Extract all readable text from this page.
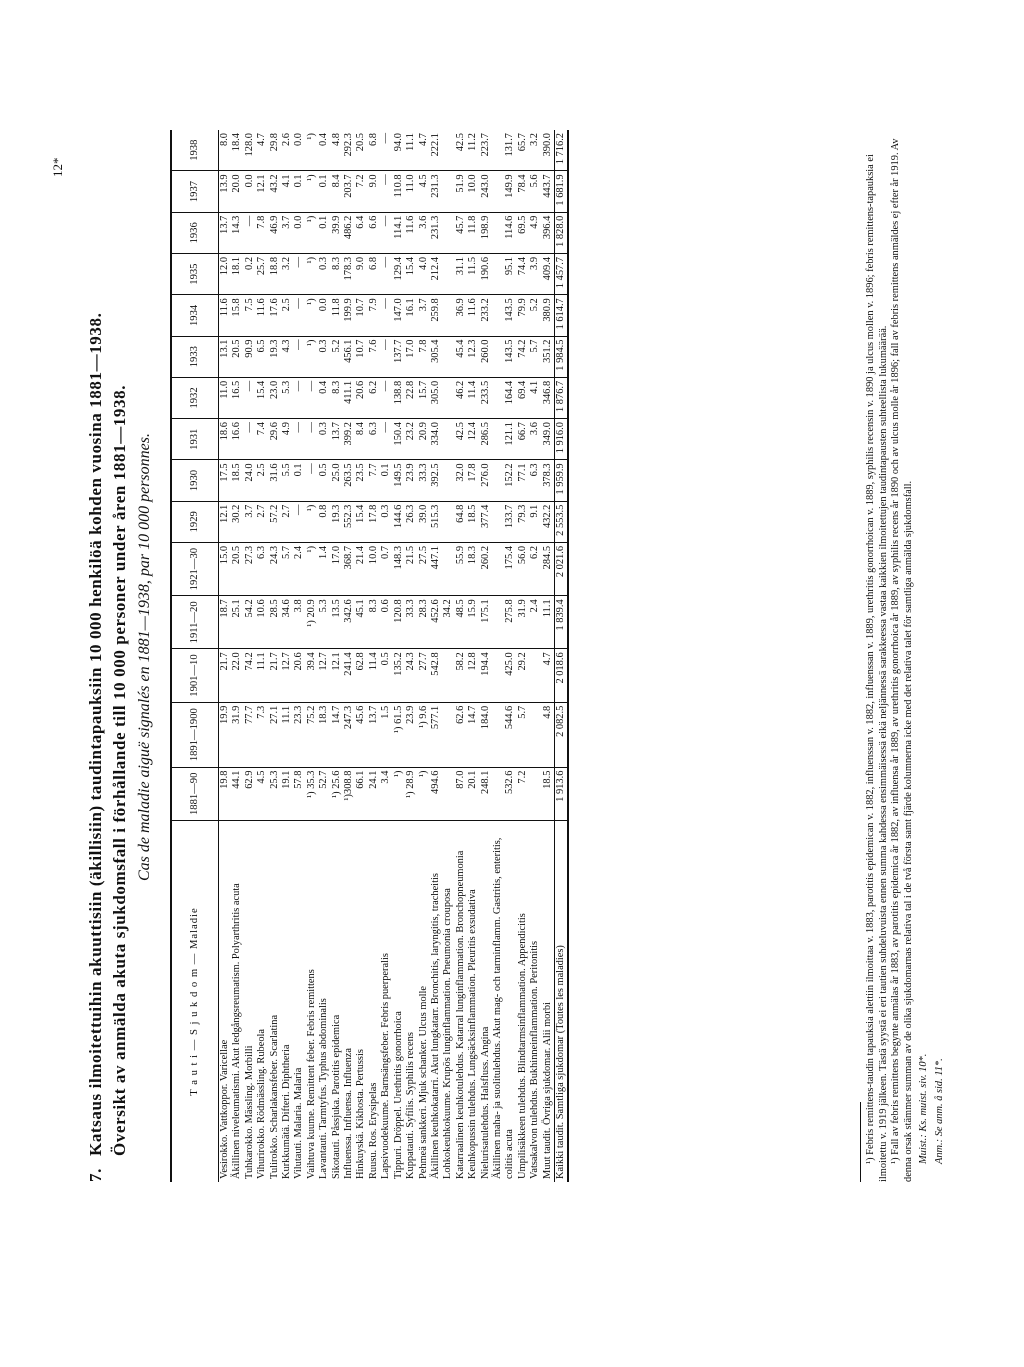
12*
7.Katsaus ilmoitettuihin akuuttisiin (äkillisiin) taudintapauksiin 10 000 henkilöä kohden vuosina 1881—1938. Översikt av anmälda akuta sjukdomsfall i förhållande till 10 000 personer under åren 1881—1938. Cas de maladie aiguë signalés en 1881—1938, par 10 000 personnes.
T a u t i — S j u k d o m — Maladie	1881—90	1891—1900	1901—10	1911—20	1921—30	1929	1930	1931	1932	1933	1934	1935	1936	1937	1938
Vesirokko. Vattkoppor. Varicellae	19.8	19.9	21.7	18.7	15.0	12.1	17.5	18.6	11.0	13.1	11.6	12.0	13.7	13.9	8.0
Äkillinen niveleumatismi. Akut ledgångsreumatism. Polyarthritis acuta	44.1	31.9	22.0	25.1	20.5	30.2	18.5	16.6	16.5	20.5	15.8	18.1	14.3	20.0	18.4
Tuhkarokko. Mässling. Morbilli	62.9	77.7	74.2	54.2	27.3	3.7	24.0	—	—	90.9	7.5	0.2	—	0.0	128.0
Vihurirokko. Rödmässling. Rubeola	4.5	7.3	11.1	10.6	6.3	2.7	2.5	7.4	15.4	6.5	11.6	25.7	7.8	12.1	4.7
Tulirokko. Scharlakansfeber. Scarlatina	25.3	27.1	21.7	28.5	24.3	57.2	31.6	29.6	23.0	19.3	17.6	18.8	46.9	43.2	29.8
Kurkkumätä. Difteri. Diphtheria	19.1	11.1	12.7	34.6	5.7	2.7	5.5	4.9	5.3	4.3	2.5	3.2	3.7	4.1	2.6
Vilutauti. Malaria. Malaria	57.8	23.3	20.6	3.8	2.4	—	0.1	—	—	—	—	—	0.0	0.1	0.0
Vaihtuva kuume. Remittent feber. Febris remittens	¹) 35.3	75.2	39.4	¹) 20.9	¹)	¹)	—	—	—	¹)	¹)	¹)	¹)	¹)	¹)
Lavantauti. Tarmtyfus. Typhus abdominalis	52.7	18.3	12.7	5.3	1.4	0.8	0.5	0.3	0.4	0.3	0.0	0.3	0.1	0.1	0.4
Sikotauti. Påssjuka. Parotitis epidemica	¹) 25.6	14.7	12.1	13.5	17.0	19.3	25.0	13.7	8.3	5.2	11.8	8.3	39.9	8.4	4.8
Influenssa. Influensa. Influenza	¹)308.8	247.3	241.4	342.6	368.7	552.3	263.5	399.2	411.1	456.1	199.9	178.3	486.2	203.7	292.3
Hinkuyskä. Kikhosta. Pertussis	66.1	45.6	62.8	45.1	21.4	15.4	23.5	8.4	20.6	10.7	10.7	9.0	6.4	7.2	20.5
Ruusu. Ros. Erysipelas	24.1	13.7	11.4	8.3	10.0	17.8	7.7	6.3	6.2	7.6	7.9	6.8	6.6	9.0	6.8
Lapsivuodekuume. Barnsängsfeber. Febris puerperalis	3.4	1.5	0.5	0.6	0.7	0.3	0.1	—	—	—	—	—	—	—	—
Tippuri. Dröppel. Urethritis gonorrhoica	¹)	¹) 61.5	135.2	120.8	148.3	144.6	149.5	150.4	138.8	137.7	147.0	129.4	114.1	110.8	94.0
Kuppatauti. Syfilis. Syphilis recens	¹) 28.9	23.9	24.3	33.3	21.5	26.3	23.9	23.2	22.8	17.0	16.1	15.4	11.6	11.0	11.1
Pehmeä sankkeri. Mjuk schanker. Ulcus molle	¹)	¹) 9.6	27.7	28.3	27.5	39.0	33.3	20.9	15.7	7.8	3.7	4.0	3.6	4.5	4.7
Äkillinen keuhkokatarri. Akut lungkatarr. Bronchitis, laryngitis, tracheitis	494.6	577.1	542.8	452.6	447.1	515.3	392.5	334.0	305.0	305.4	259.8	212.4	231.3	231.3	222.1
Lohkokeuhkokuume. Krupös lunginflammation. Pneumonia crouposa				34.2											
Katarraalinen keuhkotulehdus. Katarral lunginflammation. Bronchopneumonia	87.0	62.6	58.2	48.5	55.9	64.8	32.0	42.5	46.2	45.4	36.9	31.1	45.7	51.9	42.5
Keuhkopussin tulehdus. Lungsäcksinflammation. Pleuritis exsudativa	20.1	14.7	12.8	15.9	18.3	18.5	17.8	12.4	11.4	12.3	11.6	11.5	11.8	10.0	11.2
Nielurisatulehdus. Halsfluss. Angina	248.1	184.0	194.4	175.1	260.2	377.4	276.0	286.5	233.5	260.0	233.2	190.6	198.9	243.0	223.7
Äkillinen maha- ja suolitulehdus. Akut mag- och tarminflamm. Gastritis, enteritis, colitis acuta	532.6	544.6	425.0	275.8	175.4	133.7	152.2	121.1	164.4	143.5	143.5	95.1	114.6	149.9	131.7
Umpilisäkkeen tulehdus. Blindtarmsinflammation. Appendicitis	7.2	5.7	29.2	31.9	56.0	79.3	77.1	66.7	69.4	74.2	79.9	74.4	69.5	78.4	65.7
Vatsakalvon tulehdus. Bukhinneinflammation. Peritonitis				2.4	6.2	9.1	6.3	3.6	4.1	5.7	5.2	3.9	4.9	5.6	3.2
Muut taudit. Övriga sjukdomar. Alii morbi	18.5	4.8	4.7	11.1	284.5	432.2	378.3	349.0	346.8	351.2	380.9	409.4	396.4	443.7	390.0
Kaikki taudit. Samtliga sjukdomar (Toutes les maladies)	1 913.6	2 082.5	2 018.6	1 839.4	2 021.6	2 553.5	1 959.9	1 916.0	1 876.7	1 984.5	1 614.7	1 457.7	1 828.0	1 681.9	1 716.2

¹) Febris remittens-taudin tapauksia alettiin ilmoittaa v. 1883, parotitis epidemican v. 1882, influenssan v. 1882, influenssan v. 1889, urethritis gonorrhoican v. 1889, syphilis recensin v. 1890 ja ulcus mollen v. 1896; febris remittens-tapauksia ei ilmoitettu v. 1919 jälkeen. Tästä syystä ei eri tautien suhdeluvuista ennen summa kahdessa ensimmäisessä eikä neljännessä sarakkeessa vastaa kaikkien ilmoitettujen taudintapausten suhteellista lukumäärää. ¹) Fall av febris remittens begynte anmälas år 1883, av parotitis epidemica år 1882, av influensa år 1889, av urethritis gonorrhoica år 1889, av syphilis recens år 1890 och av ulcus molle år 1896; fall av febris remittens anmäldes ej efter år 1919. Av denna orsak stämmer summan av de olika sjukdomarnas relativa tal i de två första samt fjärde kolumnerna icke med det relativa talet för samtliga anmälda sjukdomsfall. Muist.: Ks. muist. siv. 10*. Anm.: Se anm. å sid. 11*.
